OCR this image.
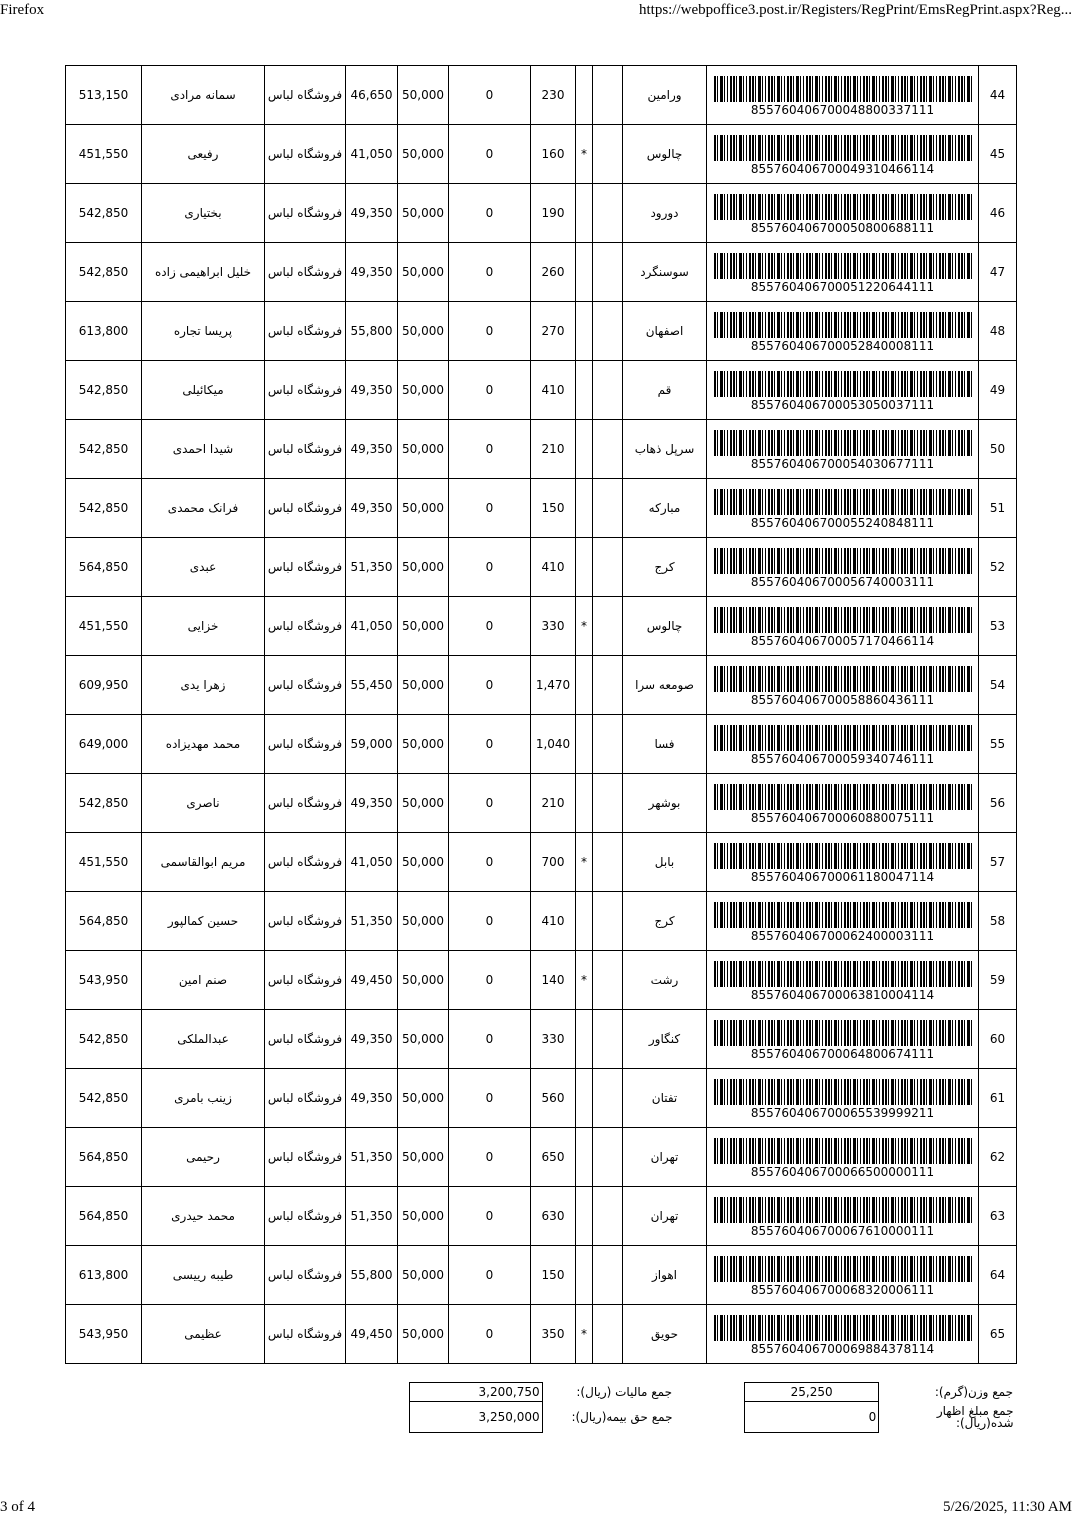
Firefox	https://webpoffice3.post.ir/Registers/RegPrint/EmsRegPrint.aspx?Reg...
513,150	سمانه مرادی	فروشگاه لباس	46,650	50,000	0	230			ورامین	855760406700048800337111	44
451,550	رفیعی	فروشگاه لباس	41,050	50,000	0	160	*		چالوس	855760406700049310466114	45
542,850	بختیاری	فروشگاه لباس	49,350	50,000	0	190			دورود	855760406700050800688111	46
542,850	خلیل ابراهیمی زاده	فروشگاه لباس	49,350	50,000	0	260			سوسنگرد	855760406700051220644111	47
613,800	پریسا تجاره	فروشگاه لباس	55,800	50,000	0	270			اصفهان	855760406700052840008111	48
542,850	میکائیلی	فروشگاه لباس	49,350	50,000	0	410			قم	855760406700053050037111	49
542,850	شیدا احمدی	فروشگاه لباس	49,350	50,000	0	210			سرپل ذهاب	855760406700054030677111	50
542,850	فرانک محمدی	فروشگاه لباس	49,350	50,000	0	150			مبارکه	855760406700055240848111	51
564,850	عبدی	فروشگاه لباس	51,350	50,000	0	410			کرج	855760406700056740003111	52
451,550	خزایی	فروشگاه لباس	41,050	50,000	0	330	*		چالوس	855760406700057170466114	53
609,950	زهرا یدی	فروشگاه لباس	55,450	50,000	0	1,470			صومعه سرا	855760406700058860436111	54
649,000	محمد مهدیزاده	فروشگاه لباس	59,000	50,000	0	1,040			فسا	855760406700059340746111	55
542,850	ناصری	فروشگاه لباس	49,350	50,000	0	210			بوشهر	855760406700060880075111	56
451,550	مریم ابوالقاسمی	فروشگاه لباس	41,050	50,000	0	700	*		بابل	855760406700061180047114	57
564,850	حسین کمالپور	فروشگاه لباس	51,350	50,000	0	410			کرج	855760406700062400003111	58
543,950	صنم امین	فروشگاه لباس	49,450	50,000	0	140	*		رشت	855760406700063810004114	59
542,850	عبدالملکی	فروشگاه لباس	49,350	50,000	0	330			کنگاور	855760406700064800674111	60
542,850	زینب بامری	فروشگاه لباس	49,350	50,000	0	560			تفتان	855760406700065539999211	61
564,850	رحیمی	فروشگاه لباس	51,350	50,000	0	650			تهران	855760406700066500000111	62
564,850	محمد حیدری	فروشگاه لباس	51,350	50,000	0	630			تهران	855760406700067610000111	63
613,800	طیبه رییسی	فروشگاه لباس	55,800	50,000	0	150			اهواز	855760406700068320006111	64
543,950	عظیمی	فروشگاه لباس	49,450	50,000	0	350	*		حویق	855760406700069884378114	65
3,200,750	جمع مالیات (ریال):
3,250,000	جمع حق بیمه(ریال):
25,250	جمع وزن(گرم):
0	جمع مبلغ اظهار شده(ریال):
3 of 4	5/26/2025, 11:30 AM
